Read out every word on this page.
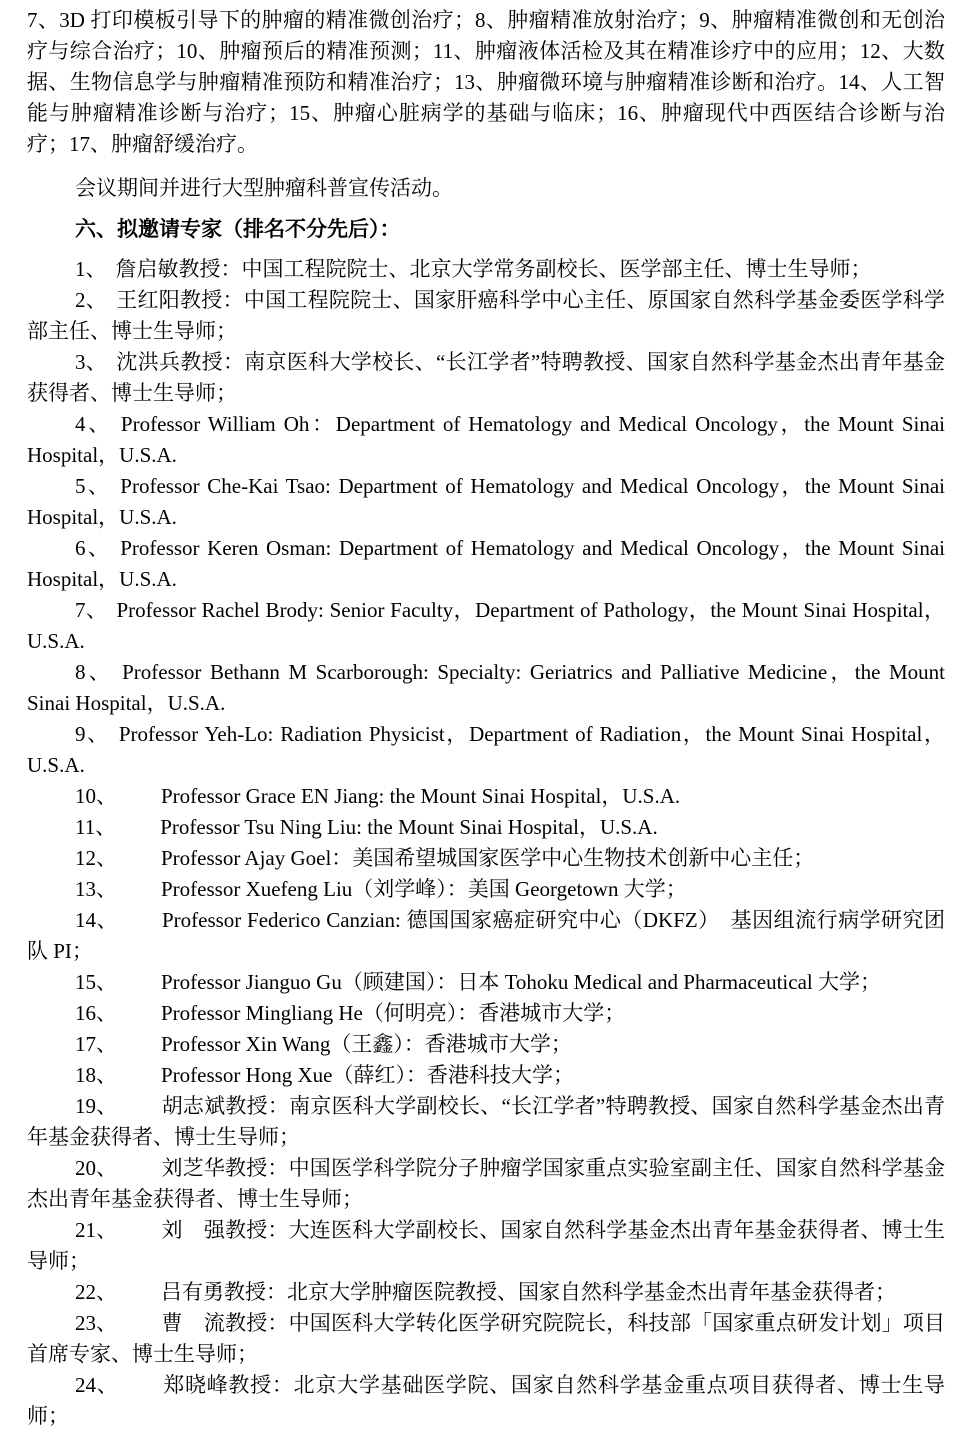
7、3D 打印模板引导下的肿瘤的精准微创治疗；8、肿瘤精准放射治疗；9、肿瘤精准微创和无创治疗与综合治疗；10、肿瘤预后的精准预测；11、肿瘤液体活检及其在精准诊疗中的应用；12、大数据、生物信息学与肿瘤精准预防和精准治疗；13、肿瘤微环境与肿瘤精准诊断和治疗。14、人工智能与肿瘤精准诊断与治疗；15、肿瘤心脏病学的基础与临床；16、肿瘤现代中西医结合诊断与治疗；17、肿瘤舒缓治疗。

会议期间并进行大型肿瘤科普宣传活动。

六、拟邀请专家（排名不分先后）：

1、 詹启敏教授：中国工程院院士、北京大学常务副校长、医学部主任、博士生导师；

2、 王红阳教授：中国工程院院士、国家肝癌科学中心主任、原国家自然科学基金委医学科学部主任、博士生导师；

3、 沈洪兵教授：南京医科大学校长、“长江学者”特聘教授、国家自然科学基金杰出青年基金获得者、博士生导师；

4、 Professor William Oh：Department of Hematology and Medical Oncology，the Mount Sinai Hospital，U.S.A.

5、 Professor Che-Kai Tsao: Department of Hematology and Medical Oncology，the Mount Sinai Hospital，U.S.A.

6、 Professor Keren Osman: Department of Hematology and Medical Oncology，the Mount Sinai Hospital，U.S.A.

7、 Professor Rachel Brody: Senior Faculty，Department of Pathology，the Mount Sinai Hospital，U.S.A.

8、 Professor Bethann M Scarborough: Specialty: Geriatrics and Palliative Medicine，the Mount Sinai Hospital，U.S.A.

9、 Professor Yeh-Lo: Radiation Physicist，Department of Radiation，the Mount Sinai Hospital，U.S.A.

10、 Professor Grace EN Jiang: the Mount Sinai Hospital，U.S.A.

11、 Professor Tsu Ning Liu: the Mount Sinai Hospital，U.S.A.

12、 Professor Ajay Goel：美国希望城国家医学中心生物技术创新中心主任；

13、 Professor Xuefeng Liu（刘学峰）：美国 Georgetown 大学；

14、 Professor Federico Canzian: 德国国家癌症研究中心（DKFZ）　基因组流行病学研究团队 PI；

15、 Professor Jianguo Gu（顾建国）：日本 Tohoku Medical and Pharmaceutical 大学；

16、 Professor Mingliang He（何明亮）：香港城市大学；

17、 Professor Xin Wang（王鑫）：香港城市大学；

18、 Professor Hong Xue（薛红）：香港科技大学；

19、 胡志斌教授：南京医科大学副校长、“长江学者”特聘教授、国家自然科学基金杰出青年基金获得者、博士生导师；

20、 刘芝华教授：中国医学科学院分子肿瘤学国家重点实验室副主任、国家自然科学基金杰出青年基金获得者、博士生导师；

21、 刘　强教授：大连医科大学副校长、国家自然科学基金杰出青年基金获得者、博士生导师；

22、 吕有勇教授：北京大学肿瘤医院教授、国家自然科学基金杰出青年基金获得者；

23、 曹　流教授：中国医科大学转化医学研究院院长，科技部「国家重点研发计划」项目首席专家、博士生导师；

24、 郑晓峰教授：北京大学基础医学院、国家自然科学基金重点项目获得者、博士生导师；
